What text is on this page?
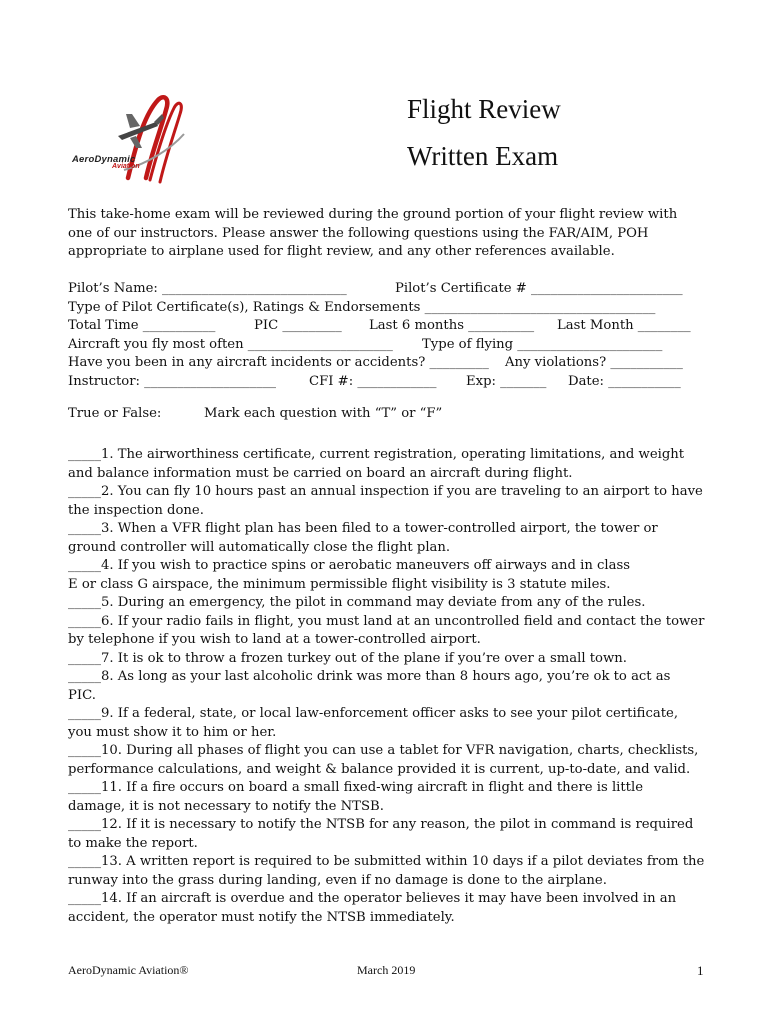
AeroDynamic
Aviation
Flight Review
Written Exam
This take-home exam will be reviewed during the ground portion of your flight review with
one of our instructors. Please answer the following questions using the FAR/AIM, POH
appropriate to airplane used for flight review, and any other references available.
Pilot’s Name: ____________________________	Pilot’s Certificate # _______________________
Type of Pilot Certificate(s), Ratings & Endorsements ___________________________________
Total Time ___________	PIC _________ Last 6 months __________ Last Month ________
Aircraft you fly most often ______________________ Type of flying ______________________
Have you been in any aircraft incidents or accidents? _________ Any violations? ___________
Instructor: ____________________ CFI #: ____________ Exp: _______ Date: ___________
True or False:	Mark each question with “T” or “F”
_____1. The airworthiness certificate, current registration, operating limitations, and weight
and balance information must be carried on board an aircraft during flight.
_____2. You can fly 10 hours past an annual inspection if you are traveling to an airport to have
the inspection done.
_____3. When a VFR flight plan has been filed to a tower-controlled airport, the tower or
ground controller will automatically close the flight plan.
_____4. If you wish to practice spins or aerobatic maneuvers off airways and in class
E or class G airspace, the minimum permissible flight visibility is 3 statute miles.
_____5. During an emergency, the pilot in command may deviate from any of the rules.
_____6. If your radio fails in flight, you must land at an uncontrolled field and contact the tower
by telephone if you wish to land at a tower-controlled airport.
_____7. It is ok to throw a frozen turkey out of the plane if you’re over a small town.
_____8. As long as your last alcoholic drink was more than 8 hours ago, you’re ok to act as
PIC.
_____9. If a federal, state, or local law-enforcement officer asks to see your pilot certificate,
you must show it to him or her.
_____10. During all phases of flight you can use a tablet for VFR navigation, charts, checklists,
performance calculations, and weight & balance provided it is current, up-to-date, and valid.
_____11. If a fire occurs on board a small fixed-wing aircraft in flight and there is little
damage, it is not necessary to notify the NTSB.
_____12. If it is necessary to notify the NTSB for any reason, the pilot in command is required
to make the report.
_____13. A written report is required to be submitted within 10 days if a pilot deviates from the
runway into the grass during landing, even if no damage is done to the airplane.
_____14. If an aircraft is overdue and the operator believes it may have been involved in an
accident, the operator must notify the NTSB immediately.
AeroDynamic Aviation®	March 2019	1
